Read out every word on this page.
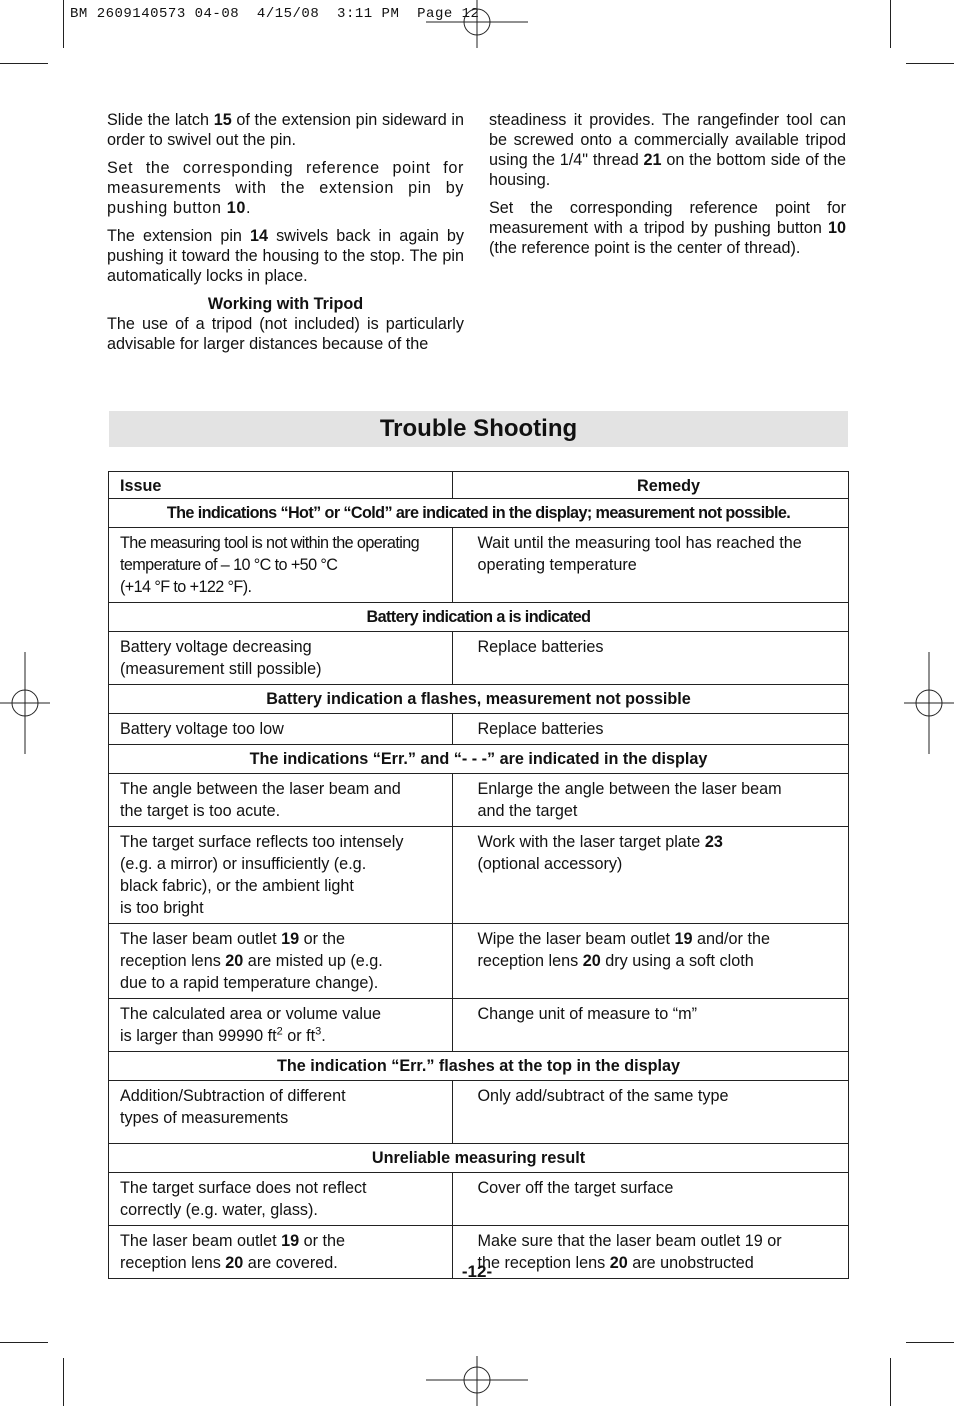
BM 2609140573 04-08  4/15/08  3:11 PM  Page 12

Slide the latch 15 of the extension pin sideward in order to swivel out the pin.

Set the corresponding reference point for measurements with the extension pin by pushing button 10.

The extension pin 14 swivels back in again by pushing it toward the housing to the stop. The pin automatically locks in place.

Working with Tripod

The use of a tripod (not included) is particularly advisable for larger distances because of the

steadiness it provides. The rangefinder tool can be screwed onto a commercially available tripod using the 1/4" thread 21 on the bottom side of the housing.

Set the corresponding reference point for measurement with a tripod by pushing button 10 (the reference point is the center of thread).

Trouble Shooting
Issue	Remedy
The indications “Hot” or “Cold” are indicated in the display; measurement not possible.	
The measuring tool is not within the operating
temperature of – 10 °C to +50 °C
(+14 °F to +122 °F).	Wait until the measuring tool has reached the operating temperature
Battery indication a is indicated	
Battery voltage decreasing
(measurement still possible)	Replace batteries
Battery indication a flashes, measurement not possible	
Battery voltage too low	Replace batteries
The indications “Err.” and “- - -” are indicated in the display	
The angle between the laser beam and
the target is too acute.	Enlarge the angle between the laser beam
and the target
The target surface reflects too intensely
(e.g. a mirror) or insufficiently (e.g.
black fabric), or the ambient light
is too bright	Work with the laser target plate 23
(optional accessory)
The laser beam outlet 19 or the
reception lens 20 are misted up (e.g.
due to a rapid temperature change).	Wipe the laser beam outlet 19 and/or the
reception lens 20 dry using a soft cloth
The calculated area or volume value
is larger than 99990 $ft^2$ or $ft^3$.	Change unit of measure to “m”
The indication “Err.” flashes at the top in the display	
Addition/Subtraction of different
types of measurements	Only add/subtract of the same type
Unreliable measuring result	
The target surface does not reflect
correctly (e.g. water, glass).	Cover off the target surface
The laser beam outlet 19 or the
reception lens 20 are covered.	Make sure that the laser beam outlet 19 or
the reception lens 20 are unobstructed
-12-
